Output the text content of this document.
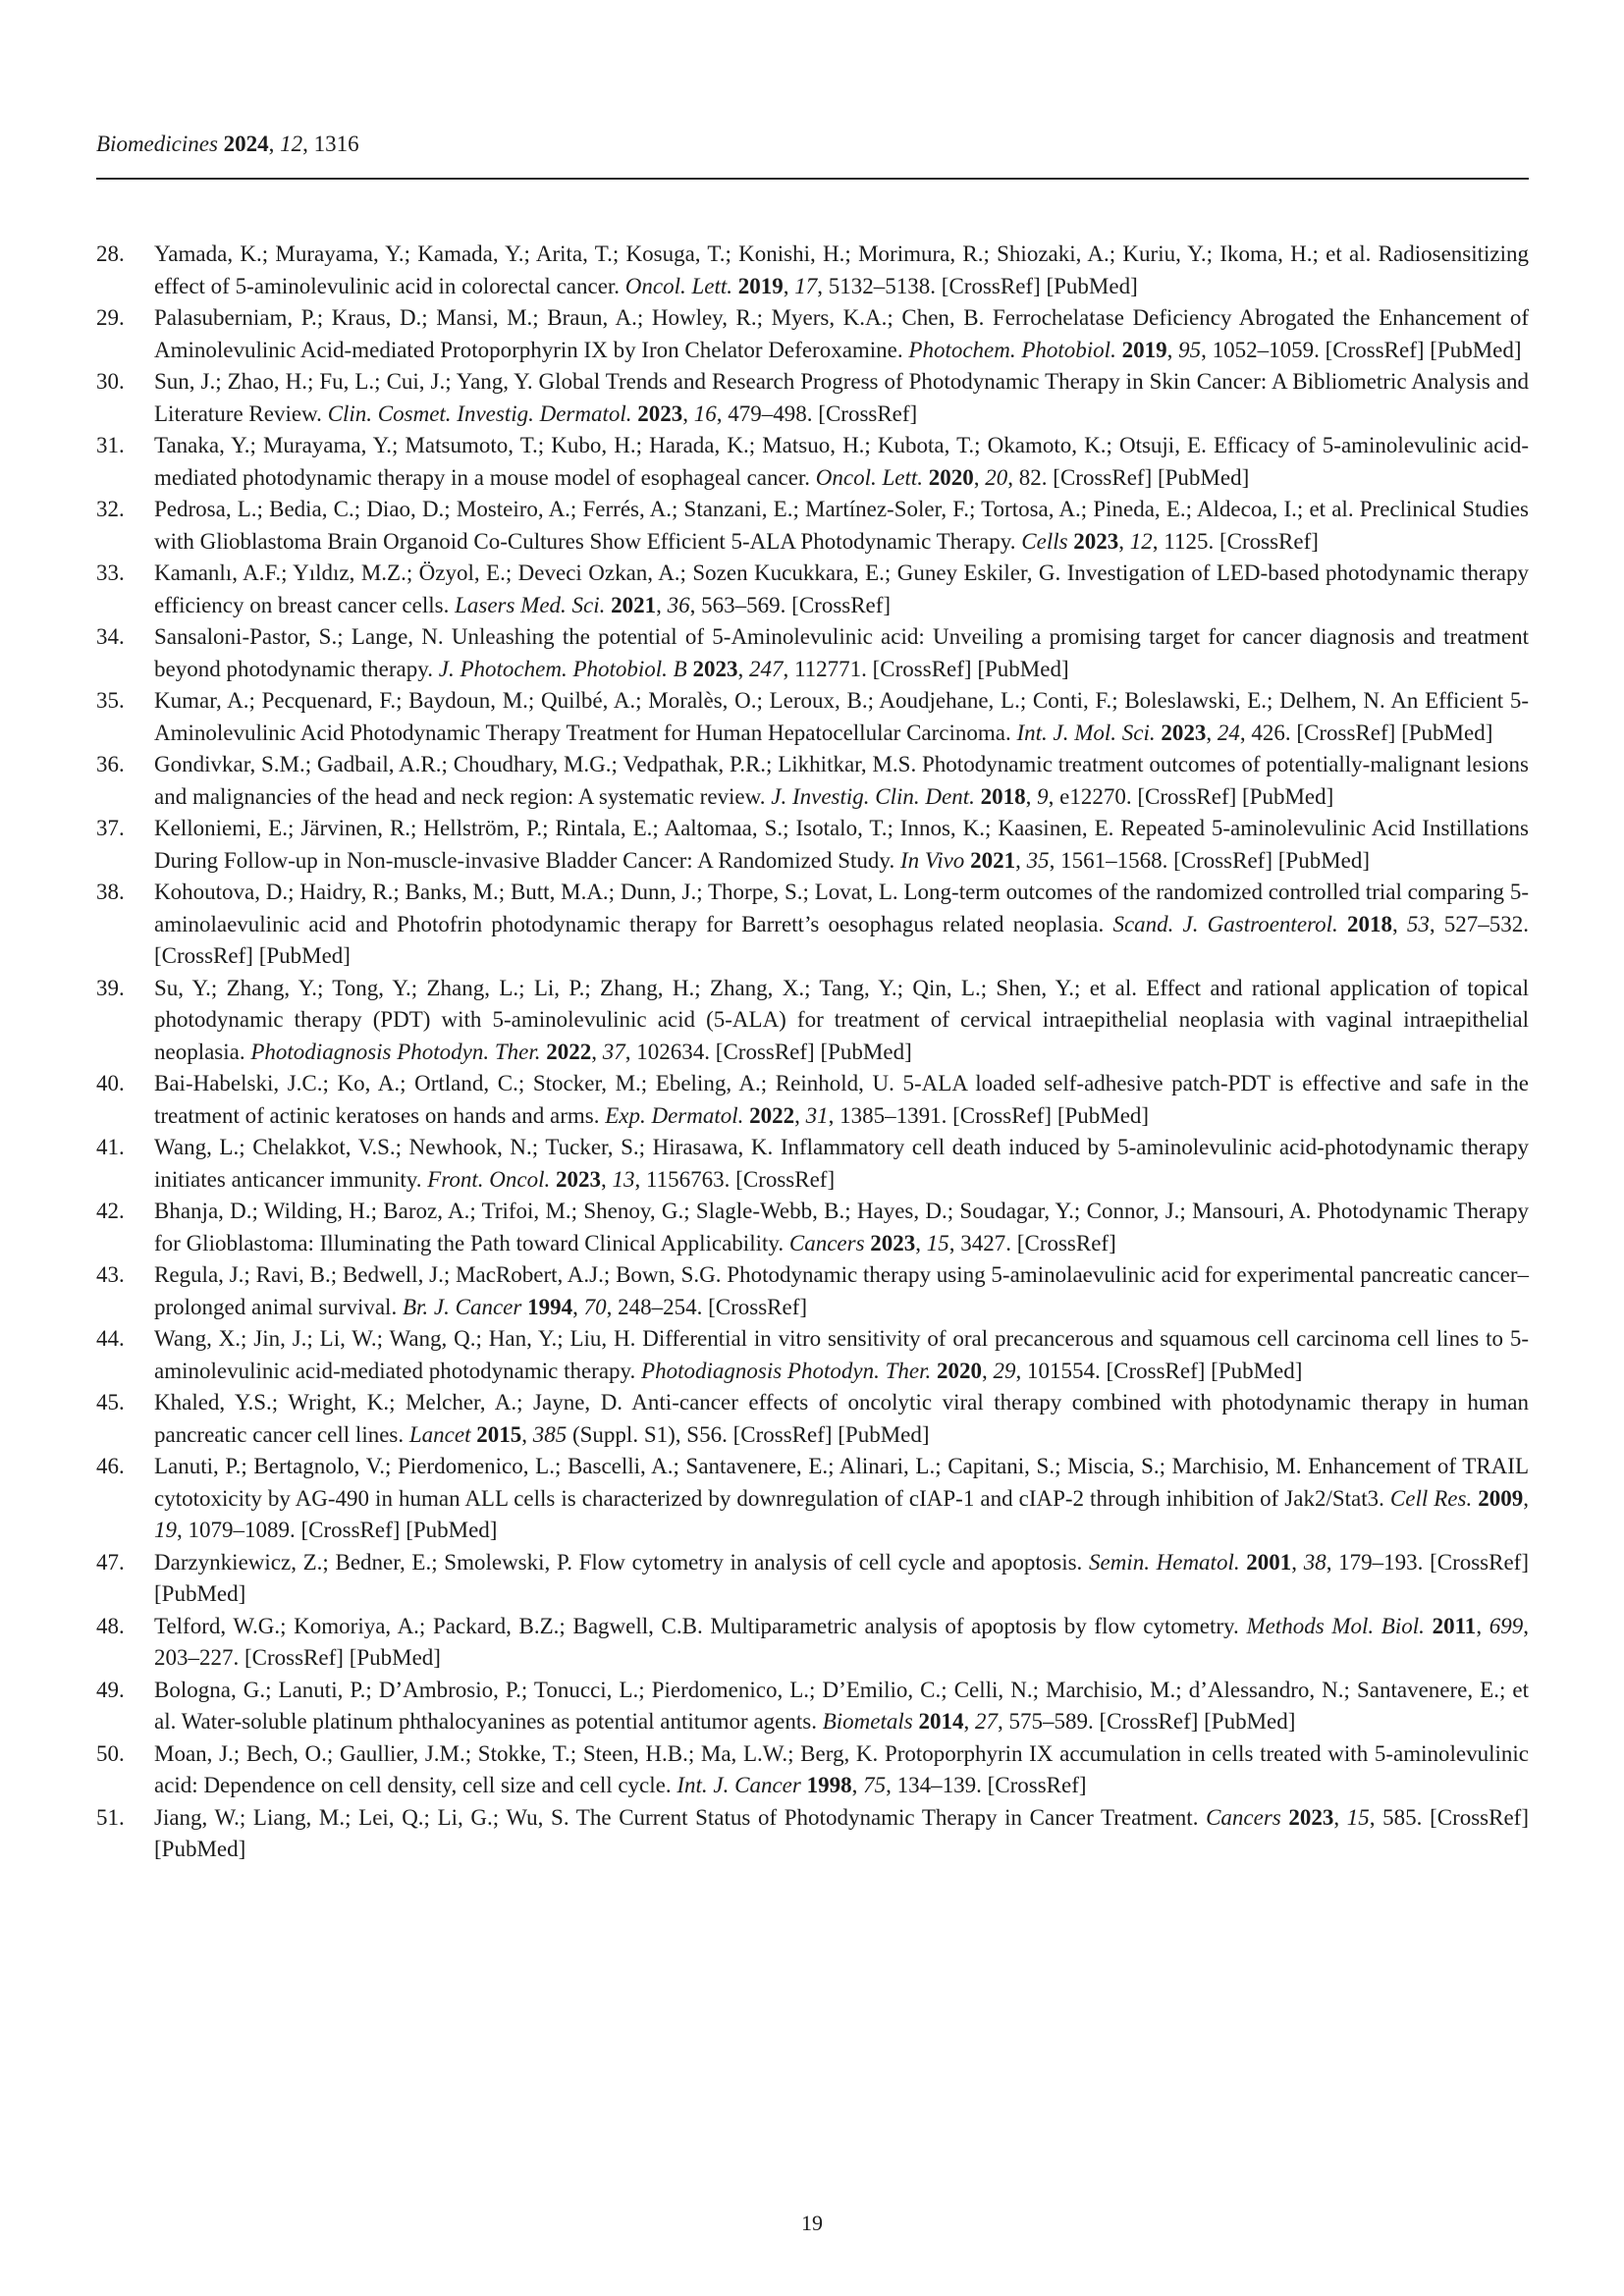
Biomedicines 2024, 12, 1316
28. Yamada, K.; Murayama, Y.; Kamada, Y.; Arita, T.; Kosuga, T.; Konishi, H.; Morimura, R.; Shiozaki, A.; Kuriu, Y.; Ikoma, H.; et al. Radiosensitizing effect of 5-aminolevulinic acid in colorectal cancer. Oncol. Lett. 2019, 17, 5132–5138. [CrossRef] [PubMed]
29. Palasuberniam, P.; Kraus, D.; Mansi, M.; Braun, A.; Howley, R.; Myers, K.A.; Chen, B. Ferrochelatase Deficiency Abrogated the Enhancement of Aminolevulinic Acid-mediated Protoporphyrin IX by Iron Chelator Deferoxamine. Photochem. Photobiol. 2019, 95, 1052–1059. [CrossRef] [PubMed]
30. Sun, J.; Zhao, H.; Fu, L.; Cui, J.; Yang, Y. Global Trends and Research Progress of Photodynamic Therapy in Skin Cancer: A Bibliometric Analysis and Literature Review. Clin. Cosmet. Investig. Dermatol. 2023, 16, 479–498. [CrossRef]
31. Tanaka, Y.; Murayama, Y.; Matsumoto, T.; Kubo, H.; Harada, K.; Matsuo, H.; Kubota, T.; Okamoto, K.; Otsuji, E. Efficacy of 5-aminolevulinic acid-mediated photodynamic therapy in a mouse model of esophageal cancer. Oncol. Lett. 2020, 20, 82. [CrossRef] [PubMed]
32. Pedrosa, L.; Bedia, C.; Diao, D.; Mosteiro, A.; Ferrés, A.; Stanzani, E.; Martínez-Soler, F.; Tortosa, A.; Pineda, E.; Aldecoa, I.; et al. Preclinical Studies with Glioblastoma Brain Organoid Co-Cultures Show Efficient 5-ALA Photodynamic Therapy. Cells 2023, 12, 1125. [CrossRef]
33. Kamanlı, A.F.; Yıldız, M.Z.; Özyol, E.; Deveci Ozkan, A.; Sozen Kucukkara, E.; Guney Eskiler, G. Investigation of LED-based photodynamic therapy efficiency on breast cancer cells. Lasers Med. Sci. 2021, 36, 563–569. [CrossRef]
34. Sansaloni-Pastor, S.; Lange, N. Unleashing the potential of 5-Aminolevulinic acid: Unveiling a promising target for cancer diagnosis and treatment beyond photodynamic therapy. J. Photochem. Photobiol. B 2023, 247, 112771. [CrossRef] [PubMed]
35. Kumar, A.; Pecquenard, F.; Baydoun, M.; Quilbé, A.; Moralès, O.; Leroux, B.; Aoudjehane, L.; Conti, F.; Boleslawski, E.; Delhem, N. An Efficient 5-Aminolevulinic Acid Photodynamic Therapy Treatment for Human Hepatocellular Carcinoma. Int. J. Mol. Sci. 2023, 24, 426. [CrossRef] [PubMed]
36. Gondivkar, S.M.; Gadbail, A.R.; Choudhary, M.G.; Vedpathak, P.R.; Likhitkar, M.S. Photodynamic treatment outcomes of potentially-malignant lesions and malignancies of the head and neck region: A systematic review. J. Investig. Clin. Dent. 2018, 9, e12270. [CrossRef] [PubMed]
37. Kelloniemi, E.; Järvinen, R.; Hellström, P.; Rintala, E.; Aaltomaa, S.; Isotalo, T.; Innos, K.; Kaasinen, E. Repeated 5-aminolevulinic Acid Instillations During Follow-up in Non-muscle-invasive Bladder Cancer: A Randomized Study. In Vivo 2021, 35, 1561–1568. [CrossRef] [PubMed]
38. Kohoutova, D.; Haidry, R.; Banks, M.; Butt, M.A.; Dunn, J.; Thorpe, S.; Lovat, L. Long-term outcomes of the randomized controlled trial comparing 5-aminolaevulinic acid and Photofrin photodynamic therapy for Barrett’s oesophagus related neoplasia. Scand. J. Gastroenterol. 2018, 53, 527–532. [CrossRef] [PubMed]
39. Su, Y.; Zhang, Y.; Tong, Y.; Zhang, L.; Li, P.; Zhang, H.; Zhang, X.; Tang, Y.; Qin, L.; Shen, Y.; et al. Effect and rational application of topical photodynamic therapy (PDT) with 5-aminolevulinic acid (5-ALA) for treatment of cervical intraepithelial neoplasia with vaginal intraepithelial neoplasia. Photodiagnosis Photodyn. Ther. 2022, 37, 102634. [CrossRef] [PubMed]
40. Bai-Habelski, J.C.; Ko, A.; Ortland, C.; Stocker, M.; Ebeling, A.; Reinhold, U. 5-ALA loaded self-adhesive patch-PDT is effective and safe in the treatment of actinic keratoses on hands and arms. Exp. Dermatol. 2022, 31, 1385–1391. [CrossRef] [PubMed]
41. Wang, L.; Chelakkot, V.S.; Newhook, N.; Tucker, S.; Hirasawa, K. Inflammatory cell death induced by 5-aminolevulinic acid-photodynamic therapy initiates anticancer immunity. Front. Oncol. 2023, 13, 1156763. [CrossRef]
42. Bhanja, D.; Wilding, H.; Baroz, A.; Trifoi, M.; Shenoy, G.; Slagle-Webb, B.; Hayes, D.; Soudagar, Y.; Connor, J.; Mansouri, A. Photodynamic Therapy for Glioblastoma: Illuminating the Path toward Clinical Applicability. Cancers 2023, 15, 3427. [CrossRef]
43. Regula, J.; Ravi, B.; Bedwell, J.; MacRobert, A.J.; Bown, S.G. Photodynamic therapy using 5-aminolaevulinic acid for experimental pancreatic cancer–prolonged animal survival. Br. J. Cancer 1994, 70, 248–254. [CrossRef]
44. Wang, X.; Jin, J.; Li, W.; Wang, Q.; Han, Y.; Liu, H. Differential in vitro sensitivity of oral precancerous and squamous cell carcinoma cell lines to 5-aminolevulinic acid-mediated photodynamic therapy. Photodiagnosis Photodyn. Ther. 2020, 29, 101554. [CrossRef] [PubMed]
45. Khaled, Y.S.; Wright, K.; Melcher, A.; Jayne, D. Anti-cancer effects of oncolytic viral therapy combined with photodynamic therapy in human pancreatic cancer cell lines. Lancet 2015, 385 (Suppl. S1), S56. [CrossRef] [PubMed]
46. Lanuti, P.; Bertagnolo, V.; Pierdomenico, L.; Bascelli, A.; Santavenere, E.; Alinari, L.; Capitani, S.; Miscia, S.; Marchisio, M. Enhancement of TRAIL cytotoxicity by AG-490 in human ALL cells is characterized by downregulation of cIAP-1 and cIAP-2 through inhibition of Jak2/Stat3. Cell Res. 2009, 19, 1079–1089. [CrossRef] [PubMed]
47. Darzynkiewicz, Z.; Bedner, E.; Smolewski, P. Flow cytometry in analysis of cell cycle and apoptosis. Semin. Hematol. 2001, 38, 179–193. [CrossRef] [PubMed]
48. Telford, W.G.; Komoriya, A.; Packard, B.Z.; Bagwell, C.B. Multiparametric analysis of apoptosis by flow cytometry. Methods Mol. Biol. 2011, 699, 203–227. [CrossRef] [PubMed]
49. Bologna, G.; Lanuti, P.; D’Ambrosio, P.; Tonucci, L.; Pierdomenico, L.; D’Emilio, C.; Celli, N.; Marchisio, M.; d’Alessandro, N.; Santavenere, E.; et al. Water-soluble platinum phthalocyanines as potential antitumor agents. Biometals 2014, 27, 575–589. [CrossRef] [PubMed]
50. Moan, J.; Bech, O.; Gaullier, J.M.; Stokke, T.; Steen, H.B.; Ma, L.W.; Berg, K. Protoporphyrin IX accumulation in cells treated with 5-aminolevulinic acid: Dependence on cell density, cell size and cell cycle. Int. J. Cancer 1998, 75, 134–139. [CrossRef]
51. Jiang, W.; Liang, M.; Lei, Q.; Li, G.; Wu, S. The Current Status of Photodynamic Therapy in Cancer Treatment. Cancers 2023, 15, 585. [CrossRef] [PubMed]
19
